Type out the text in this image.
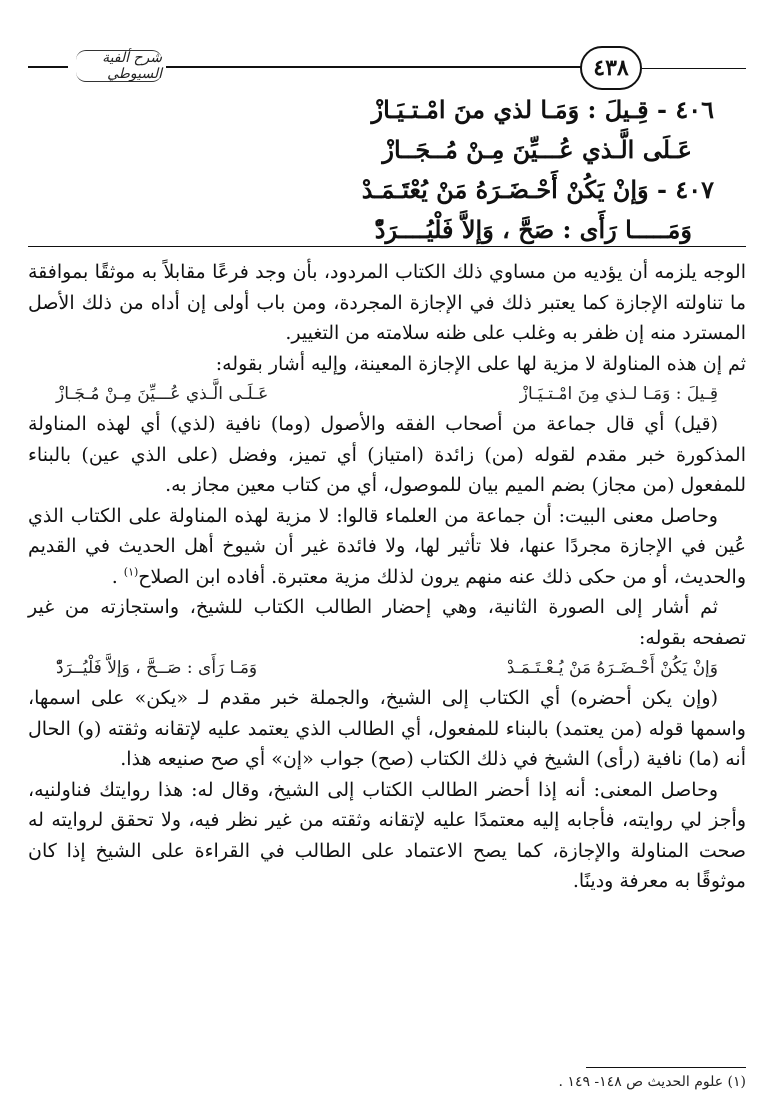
٤٣٨
شرح ألفية السيوطي
٤٠٦ - قِـيلَ : وَمَـا لذي منَ امْـتـيَـازْ
عَـلَى الَّـذي عُـــيِّنَ مِـنْ مُــجَــازْ
٤٠٧ - وَإنْ يَكُنْ أَحْـضَـرَهُ مَنْ يُعْتَـمَـدْ
وَمَـــــا رَأَى : صَحَّ ، وَإلاَّ فَلْيُــــرَدّْ

الوجه يلزمه أن يؤديه من مساوي ذلك الكتاب المردود، بأن وجد فرعًا مقابلاً به موثقًا بموافقة ما تناولته الإجازة كما يعتبر ذلك في الإجازة المجردة، ومن باب أولى إن أداه من ذلك الأصل المسترد منه إن ظفر به وغلب على ظنه سلامته من التغيير.

ثم إن هذه المناولة لا مزية لها على الإجازة المعينة، وإليه أشار بقوله:

قِـيلَ : وَمَـا لـذي مِنَ امْـتـيَـازْ
عَـلَـى الَّـذي عُـــيِّنَ مِـنْ مُـجَـازْ

(قيل) أي قال جماعة من أصحاب الفقه والأصول (وما) نافية (لذي) أي لهذه المناولة المذكورة خبر مقدم لقوله (من) زائدة (امتياز) أي تميز، وفضل (على الذي عين) بالبناء للمفعول (من مجاز) بضم الميم بيان للموصول، أي من كتاب معين مجاز به.

وحاصل معنى البيت: أن جماعة من العلماء قالوا: لا مزية لهذه المناولة على الكتاب الذي عُين في الإجازة مجردًا عنها، فلا تأثير لها، ولا فائدة غير أن شيوخ أهل الحديث في القديم والحديث، أو من حكى ذلك عنه منهم يرون لذلك مزية معتبرة. أفاده ابن الصلاح$^{(١)}$ .

ثم أشار إلى الصورة الثانية، وهي إحضار الطالب الكتاب للشيخ، واستجازته من غير تصفحه بقوله:

وَإنْ يَكُنْ أَحْـضَـرَهُ مَنْ يُـعْـتَـمَـدْ
وَمَـا رَأَى : صَــحَّ ، وَإلاَّ فَلْيُــرَدّْ

(وإن يكن أحضره) أي الكتاب إلى الشيخ، والجملة خبر مقدم لـ «يكن» على اسمها، واسمها قوله (من يعتمد) بالبناء للمفعول، أي الطالب الذي يعتمد عليه لإتقانه وثقته (و) الحال أنه (ما) نافية (رأى) الشيخ في ذلك الكتاب (صح) جواب «إن» أي صح صنيعه هذا.

وحاصل المعنى: أنه إذا أحضر الطالب الكتاب إلى الشيخ، وقال له: هذا روايتك فناولنيه، وأجز لي روايته، فأجابه إليه معتمدًا عليه لإتقانه وثقته من غير نظر فيه، ولا تحقق لروايته له صحت المناولة والإجازة، كما يصح الاعتماد على الطالب في القراءة على الشيخ إذا كان موثوقًا به معرفة ودينًا.

(١) علوم الحديث ص ١٤٨- ١٤٩ .
